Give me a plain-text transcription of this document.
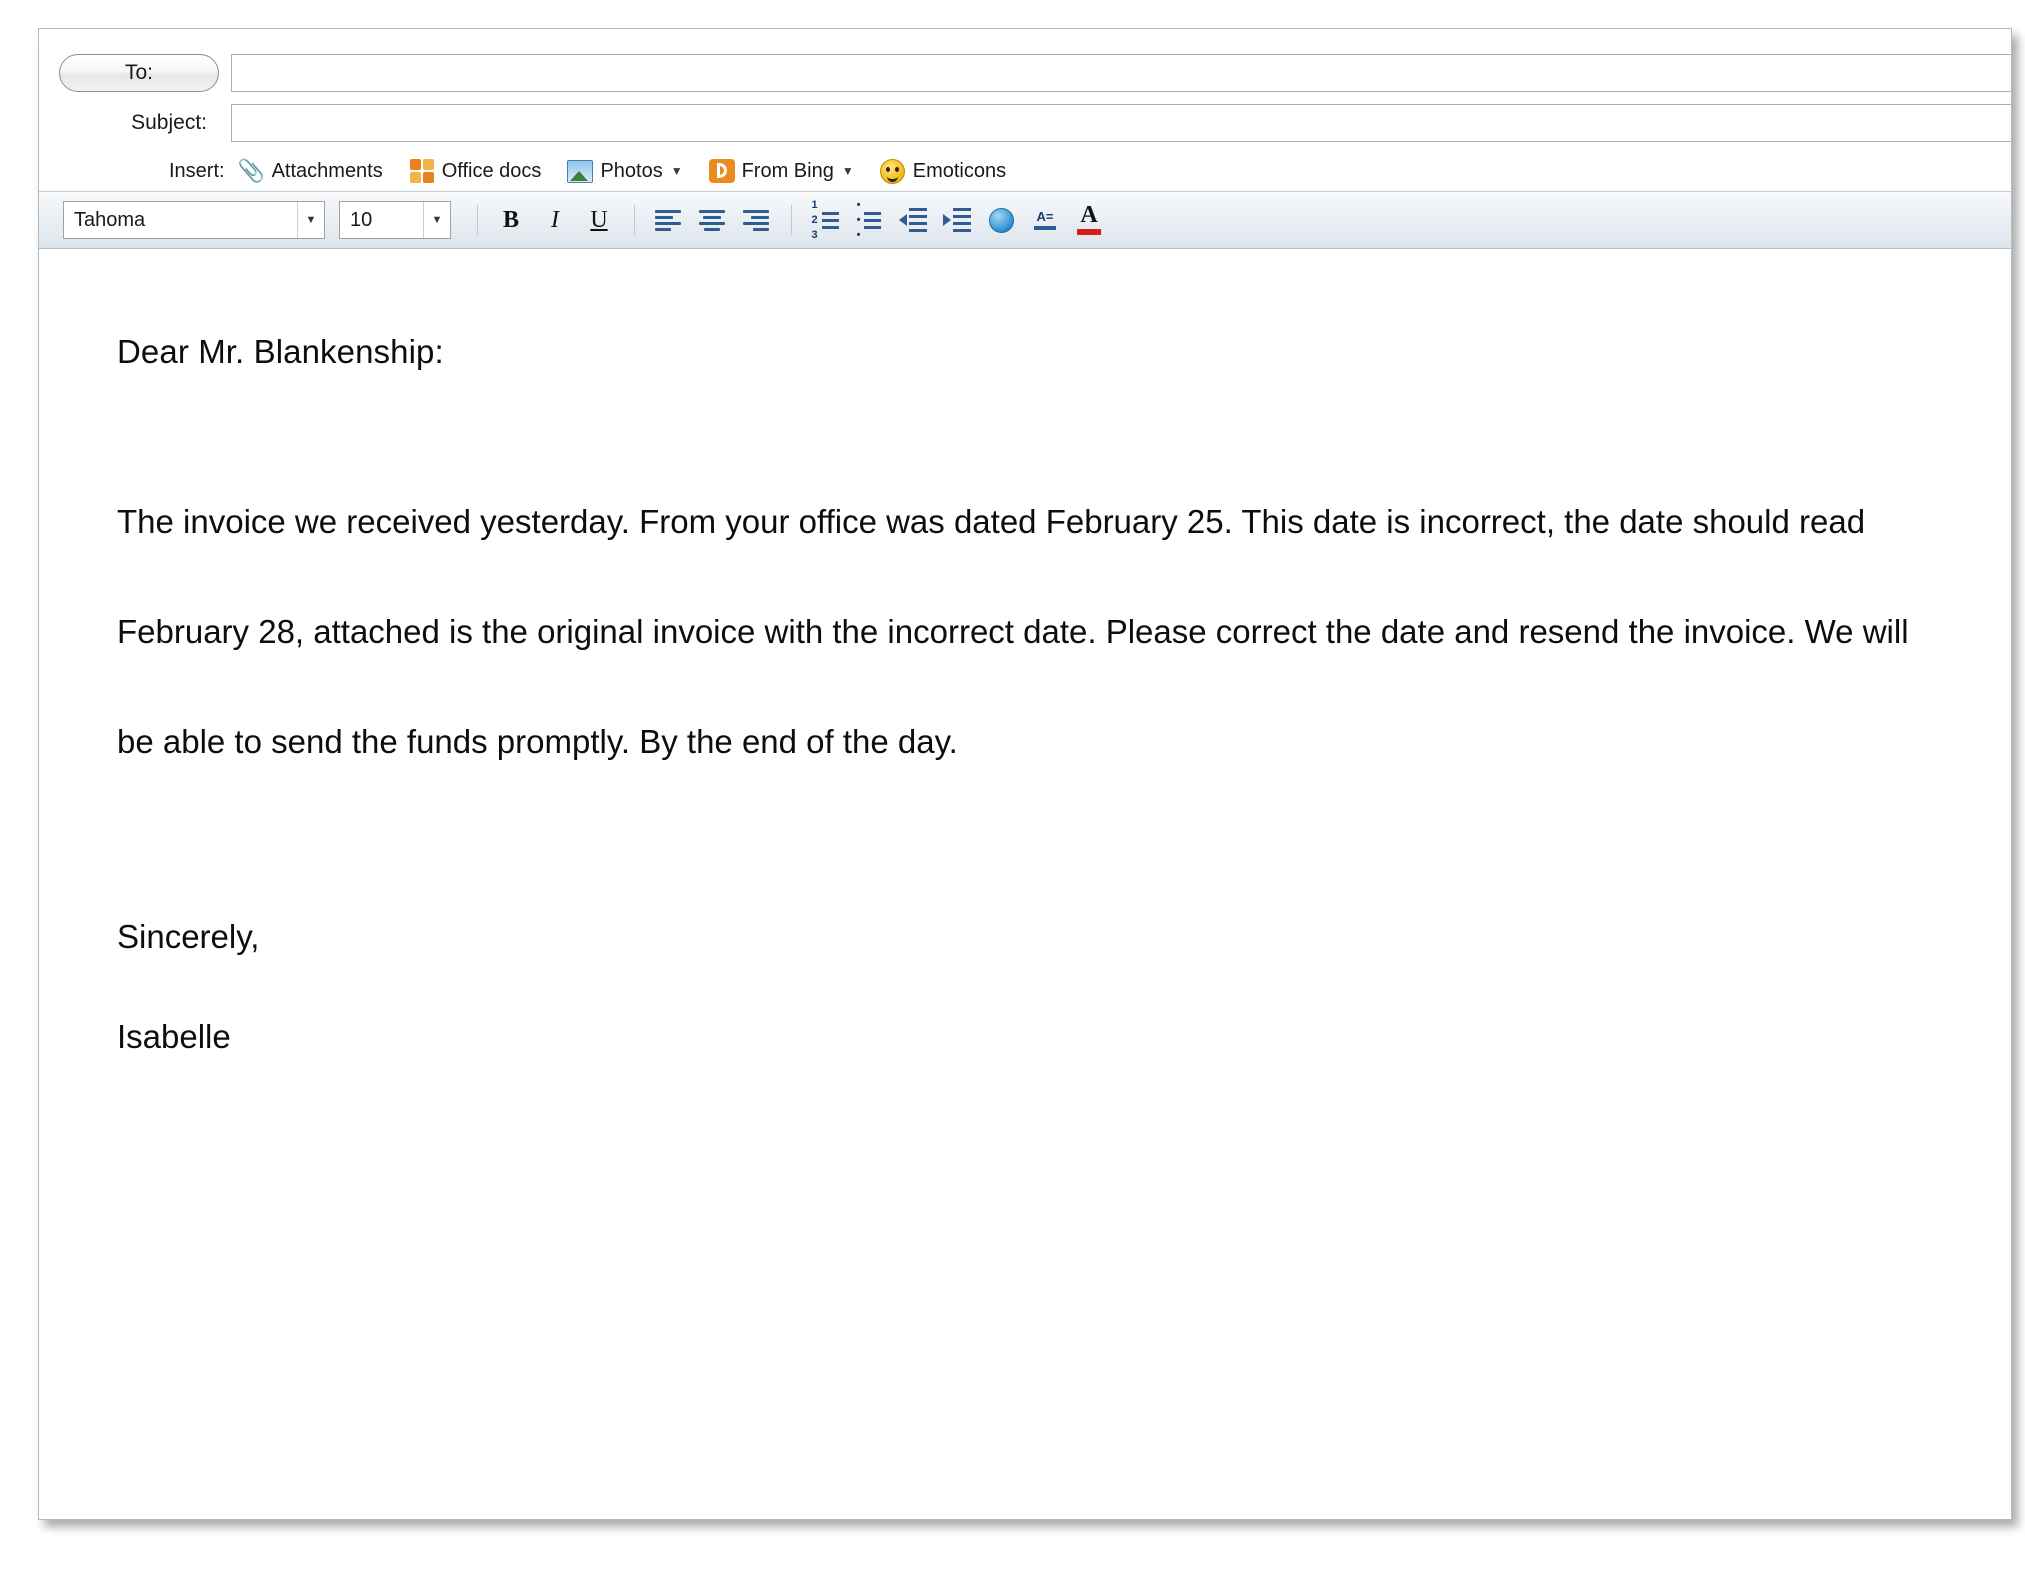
To:
Subject:
Insert: 📎 Attachments	Office docs	Photos ▼	From Bing ▼	Emoticons
Tahoma	▼	10	▼	B I U
1
2
3
•
•
•
A= A
Dear Mr. Blankenship:
The invoice we received yesterday. From your office was dated February 25. This date is incorrect, the date should read February 28, attached is the original invoice with the incorrect date. Please correct the date and resend the invoice. We will be able to send the funds promptly. By the end of the day.
Sincerely,
Isabelle
